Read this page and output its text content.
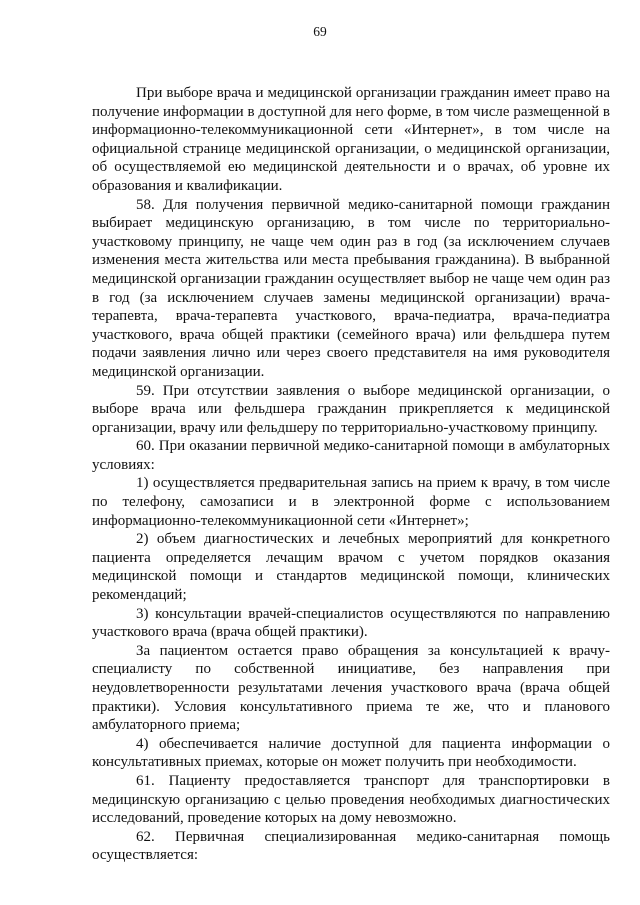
69

При выборе врача и медицинской организации гражданин имеет право на получение информации в доступной для него форме, в том числе размещенной в информационно-телекоммуникационной сети «Интернет», в том числе на официальной странице медицинской организации, о медицинской организации, об осуществляемой ею медицинской деятельности и о врачах, об уровне их образования и квалификации.

58. Для получения первичной медико-санитарной помощи гражданин выбирает медицинскую организацию, в том числе по территориально-участковому принципу, не чаще чем один раз в год (за исключением случаев изменения места жительства или места пребывания гражданина). В выбранной медицинской организации гражданин осуществляет выбор не чаще чем один раз в год (за исключением случаев замены медицинской организации) врача-терапевта, врача-терапевта участкового, врача-педиатра, врача-педиатра участкового, врача общей практики (семейного врача) или фельдшера путем подачи заявления лично или через своего представителя на имя руководителя медицинской организации.

59. При отсутствии заявления о выборе медицинской организации, о выборе врача или фельдшера гражданин прикрепляется к медицинской организации, врачу или фельдшеру по территориально-участковому принципу.

60. При оказании первичной медико-санитарной помощи в амбулаторных условиях:

1) осуществляется предварительная запись на прием к врачу, в том числе по телефону, самозаписи и в электронной форме с использованием информационно-телекоммуникационной сети «Интернет»;

2) объем диагностических и лечебных мероприятий для конкретного пациента определяется лечащим врачом с учетом порядков оказания медицинской помощи и стандартов медицинской помощи, клинических рекомендаций;

3) консультации врачей-специалистов осуществляются по направлению участкового врача (врача общей практики).

За пациентом остается право обращения за консультацией к врачу-специалисту по собственной инициативе, без направления при неудовлетворенности результатами лечения участкового врача (врача общей практики). Условия консультативного приема те же, что и планового амбулаторного приема;

4) обеспечивается наличие доступной для пациента информации о консультативных приемах, которые он может получить при необходимости.

61. Пациенту предоставляется транспорт для транспортировки в медицинскую организацию с целью проведения необходимых диагностических исследований, проведение которых на дому невозможно.

62. Первичная специализированная медико-санитарная помощь осуществляется:
